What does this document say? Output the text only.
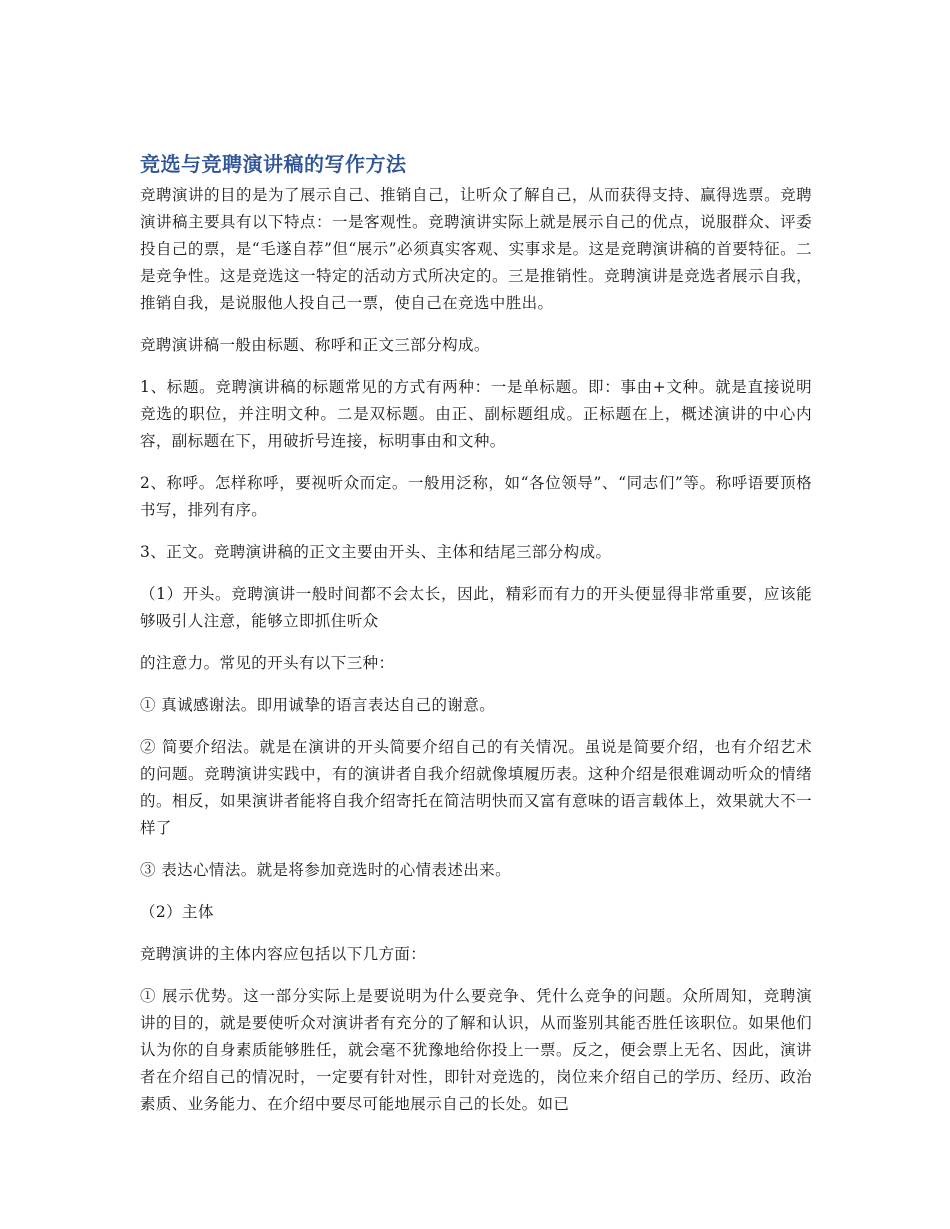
竞选与竞聘演讲稿的写作方法

竞聘演讲的目的是为了展示自己、推销自己，让听众了解自己，从而获得支持、赢得选票。竞聘演讲稿主要具有以下特点：一是客观性。竞聘演讲实际上就是展示自己的优点，说服群众、评委投自己的票，是“毛遂自荐”但“展示”必须真实客观、实事求是。这是竞聘演讲稿的首要特征。二是竞争性。这是竞选这一特定的活动方式所决定的。三是推销性。竞聘演讲是竞选者展示自我，推销自我，是说服他人投自己一票，使自己在竞选中胜出。

竞聘演讲稿一般由标题、称呼和正文三部分构成。

1、标题。竞聘演讲稿的标题常见的方式有两种：一是单标题。即：事由+文种。就是直接说明竞选的职位，并注明文种。二是双标题。由正、副标题组成。正标题在上，概述演讲的中心内容，副标题在下，用破折号连接，标明事由和文种。

2、称呼。怎样称呼，要视听众而定。一般用泛称，如“各位领导”、“同志们”等。称呼语要顶格书写，排列有序。

3、正文。竞聘演讲稿的正文主要由开头、主体和结尾三部分构成。

（1）开头。竞聘演讲一般时间都不会太长，因此，精彩而有力的开头便显得非常重要，应该能够吸引人注意，能够立即抓住听众

的注意力。常见的开头有以下三种：

① 真诚感谢法。即用诚挚的语言表达自己的谢意。

② 简要介绍法。就是在演讲的开头简要介绍自己的有关情况。虽说是简要介绍，也有介绍艺术的问题。竞聘演讲实践中，有的演讲者自我介绍就像填履历表。这种介绍是很难调动听众的情绪的。相反，如果演讲者能将自我介绍寄托在简洁明快而又富有意味的语言载体上，效果就大不一样了

③ 表达心情法。就是将参加竞选时的心情表述出来。

（2）主体

竞聘演讲的主体内容应包括以下几方面：

① 展示优势。这一部分实际上是要说明为什么要竞争、凭什么竞争的问题。众所周知，竞聘演讲的目的，就是要使听众对演讲者有充分的了解和认识，从而鉴别其能否胜任该职位。如果他们认为你的自身素质能够胜任，就会毫不犹豫地给你投上一票。反之，便会票上无名、因此，演讲者在介绍自己的情况时，一定要有针对性，即针对竞选的，岗位来介绍自己的学历、经历、政治素质、业务能力、在介绍中要尽可能地展示自己的长处。如已
